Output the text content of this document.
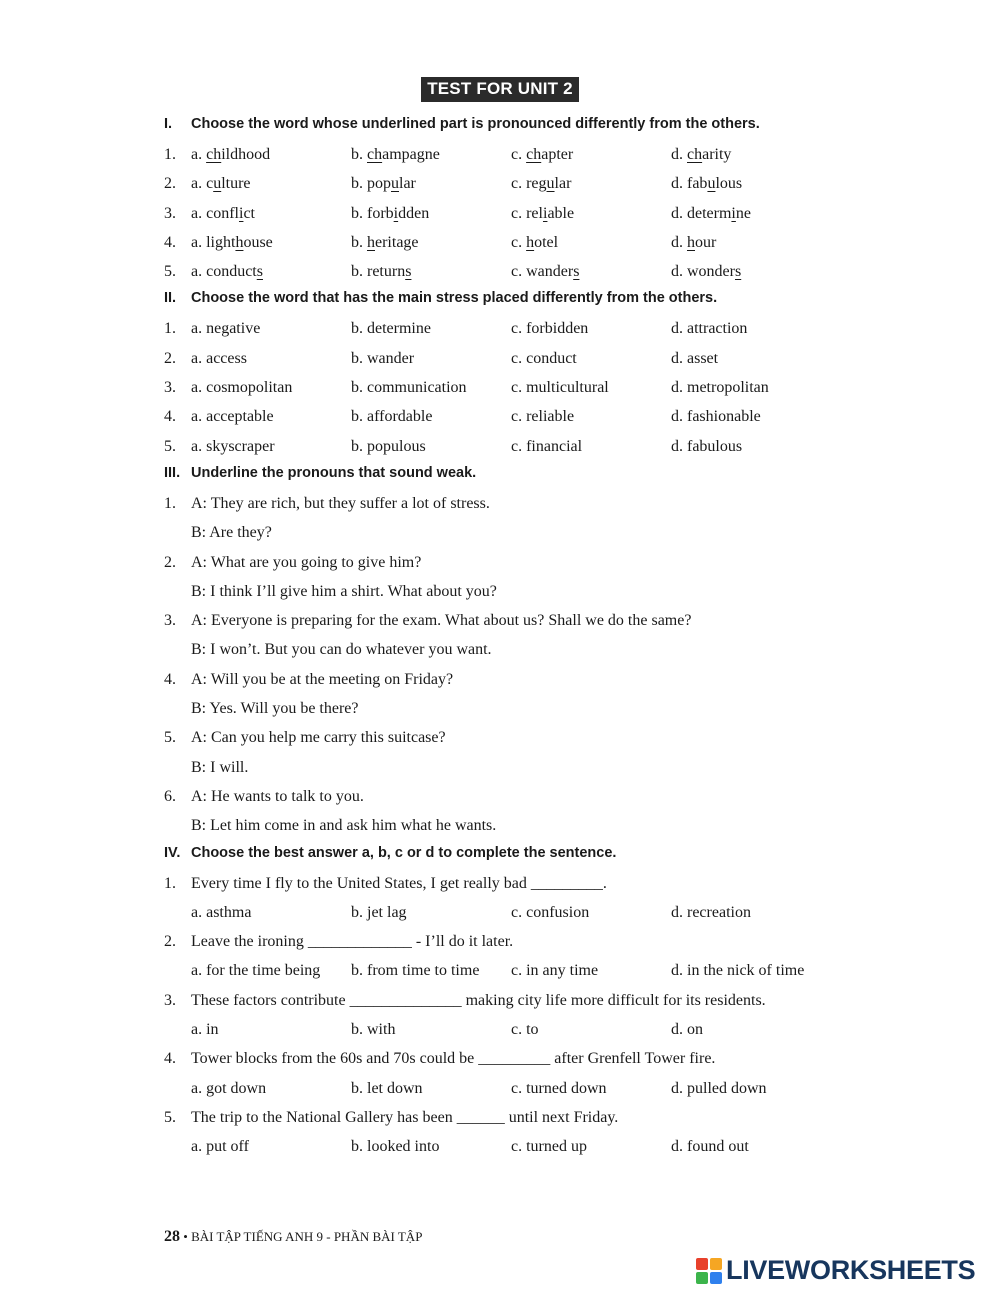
TEST FOR UNIT 2
I. Choose the word whose underlined part is pronounced differently from the others.
1. a. childhood	b. champagne	c. chapter	d. charity
2. a. culture	b. popular	c. regular	d. fabulous
3. a. conflict	b. forbidden	c. reliable	d. determine
4. a. lighthouse	b. heritage	c. hotel	d. hour
5. a. conducts	b. returns	c. wanders	d. wonders
II. Choose the word that has the main stress placed differently from the others.
1. a. negative	b. determine	c. forbidden	d. attraction
2. a. access	b. wander	c. conduct	d. asset
3. a. cosmopolitan	b. communication	c. multicultural	d. metropolitan
4. a. acceptable	b. affordable	c. reliable	d. fashionable
5. a. skyscraper	b. populous	c. financial	d. fabulous
III. Underline the pronouns that sound weak.
1. A: They are rich, but they suffer a lot of stress.
B: Are they?
2. A: What are you going to give him?
B: I think I’ll give him a shirt. What about you?
3. A: Everyone is preparing for the exam. What about us? Shall we do the same?
B: I won’t. But you can do whatever you want.
4. A: Will you be at the meeting on Friday?
B: Yes. Will you be there?
5. A: Can you help me carry this suitcase?
B: I will.
6. A: He wants to talk to you.
B: Let him come in and ask him what he wants.
IV. Choose the best answer a, b, c or d to complete the sentence.
1. Every time I fly to the United States, I get really bad _________.
a. asthma	b. jet lag	c. confusion	d. recreation
2. Leave the ironing _____________ - I’ll do it later.
a. for the time being b. from time to time c. in any time	d. in the nick of time
3. These factors contribute ______________ making city life more difficult for its residents.
a. in	b. with	c. to	d. on
4. Tower blocks from the 60s and 70s could be _________ after Grenfell Tower fire.
a. got down	b. let down	c. turned down	d. pulled down
5. The trip to the National Gallery has been ______ until next Friday.
a. put off	b. looked into	c. turned up	d. found out
28 • BÀI TẬP TIẾNG ANH 9 - PHẦN BÀI TẬP
LIVEWORKSHEETS
